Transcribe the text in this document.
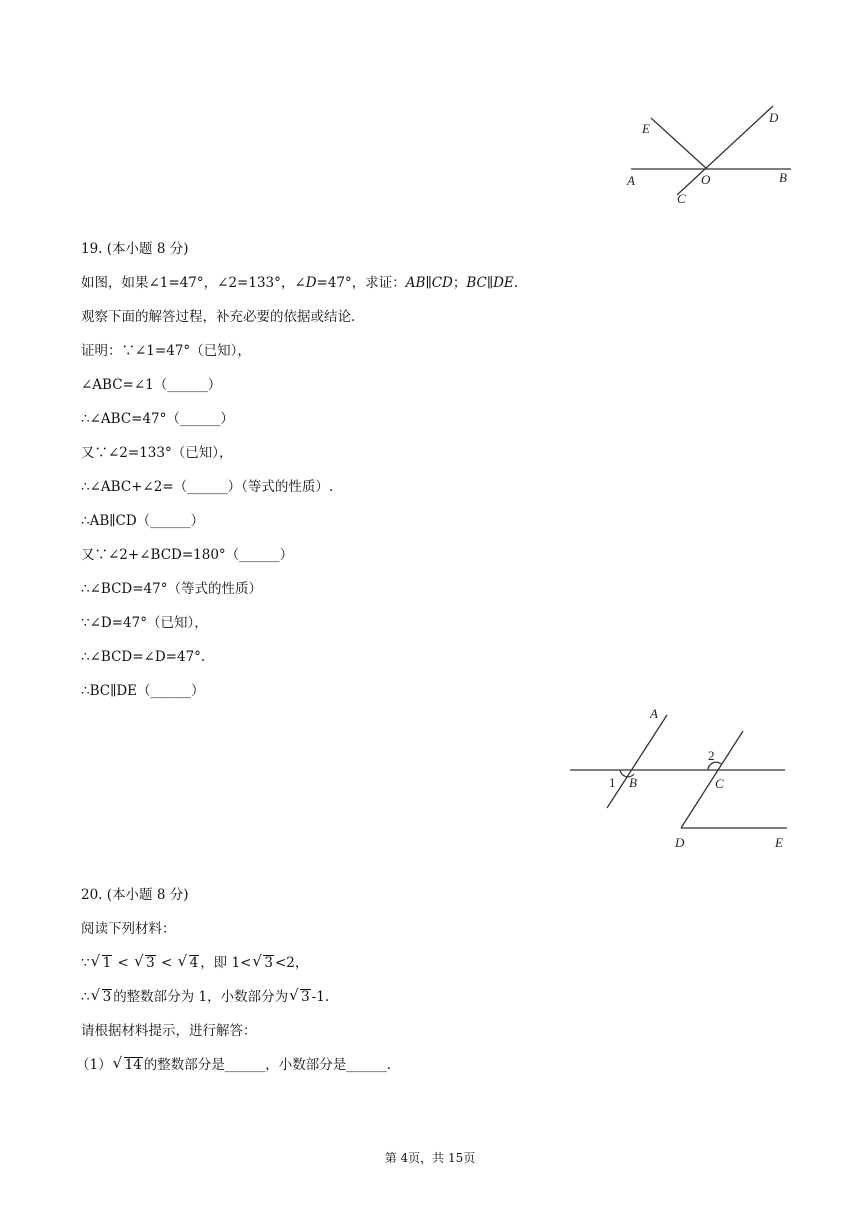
E
D
A	O	B
C
19. (本小题 8 分)
如图，如果∠1=47°，∠2=133°，∠D=47°，求证：AB∥CD；BC∥DE.
观察下面的解答过程，补充必要的依据或结论.
证明：∵∠1=47°（已知），
∠ABC=∠1（______）
∴∠ABC=47°（______）
又∵∠2=133°（已知），
∴∠ABC+∠2=（______）（等式的性质）.
∴AB∥CD（______）
又∵∠2+∠BCD=180°（______）
∴∠BCD=47°（等式的性质）
∵∠D=47°（已知），
∴∠BCD=∠D=47°.
∴BC∥DE（______）
A
1 B
2
C
D	E
20. (本小题 8 分)
阅读下列材料：
∵ √ 1 < √ 3 < √ 4 ，即 1< √ 3 <2，
∴ √ 3 的整数部分为 1，小数部分为 √ 3 -1.
请根据材料提示，进行解答：
（1） √ 14 的整数部分是______，小数部分是______.
第 4页，共 15页
